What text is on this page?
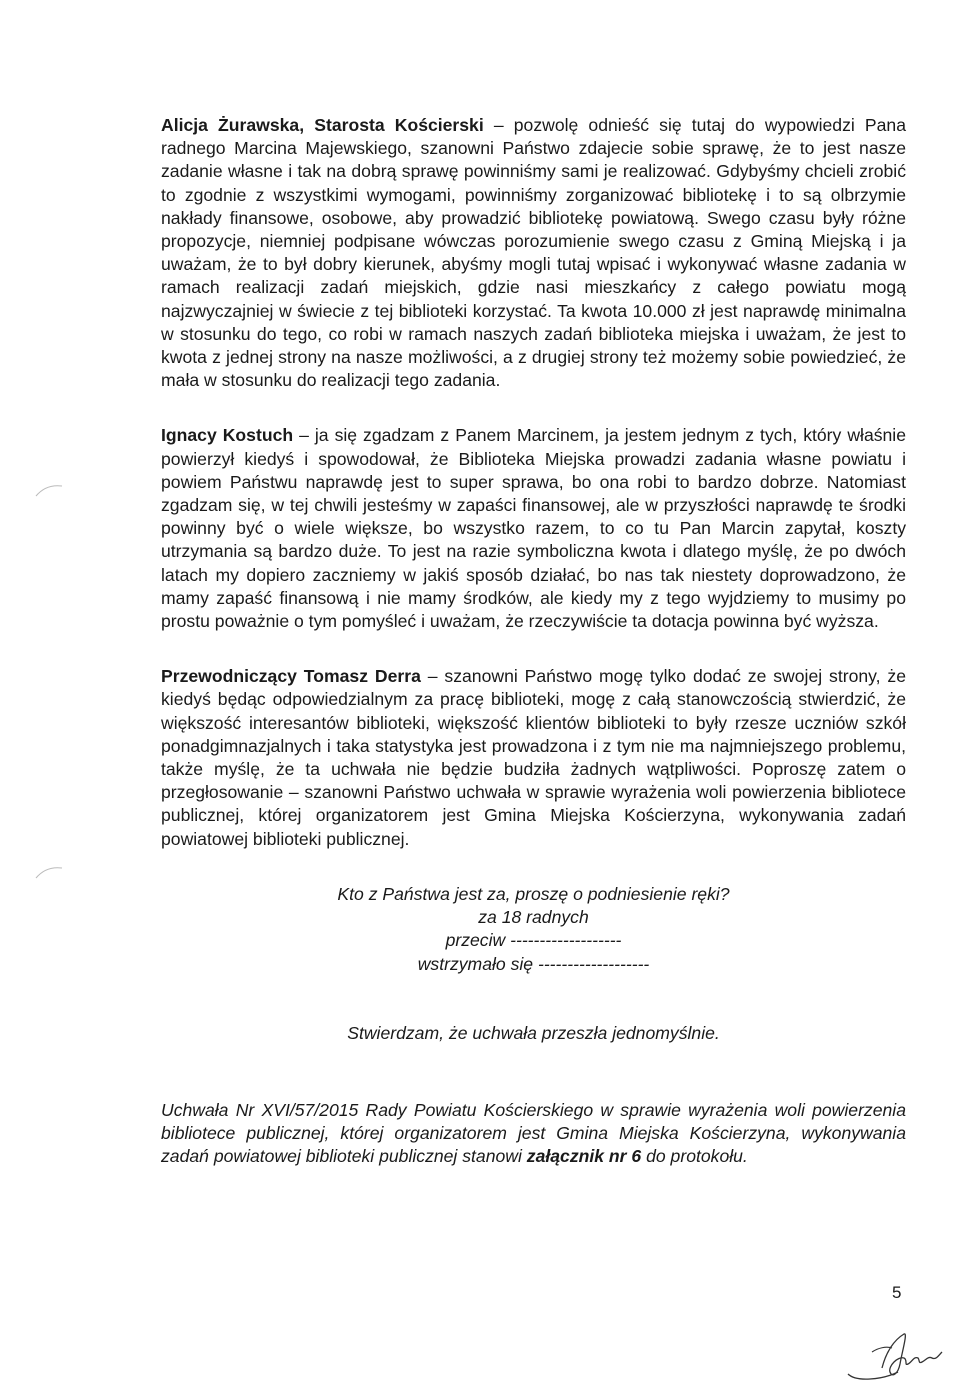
Alicja Żurawska, Starosta Kościerski – pozwolę odnieść się tutaj do wypowiedzi Pana radnego Marcina Majewskiego, szanowni Państwo zdajecie sobie sprawę, że to jest nasze zadanie własne i tak na dobrą sprawę powinniśmy sami je realizować. Gdybyśmy chcieli zrobić to zgodnie z wszystkimi wymogami, powinniśmy zorganizować bibliotekę i to są olbrzymie nakłady finansowe, osobowe, aby prowadzić bibliotekę powiatową. Swego czasu były różne propozycje, niemniej podpisane wówczas porozumienie swego czasu z Gminą Miejską i ja uważam, że to był dobry kierunek, abyśmy mogli tutaj wpisać i wykonywać własne zadania w ramach realizacji zadań miejskich, gdzie nasi mieszkańcy z całego powiatu mogą najzwyczajniej w świecie z tej biblioteki korzystać. Ta kwota 10.000 zł jest naprawdę minimalna w stosunku do tego, co robi w ramach naszych zadań biblioteka miejska i uważam, że jest to kwota z jednej strony na nasze możliwości, a z drugiej strony też możemy sobie powiedzieć, że mała w stosunku do realizacji tego zadania.

Ignacy Kostuch – ja się zgadzam z Panem Marcinem, ja jestem jednym z tych, który właśnie powierzył kiedyś i spowodował, że Biblioteka Miejska prowadzi zadania własne powiatu i powiem Państwu naprawdę jest to super sprawa, bo ona robi to bardzo dobrze. Natomiast zgadzam się, w tej chwili jesteśmy w zapaści finansowej, ale w przyszłości naprawdę te środki powinny być o wiele większe, bo wszystko razem, to co tu Pan Marcin zapytał, koszty utrzymania są bardzo duże. To jest na razie symboliczna kwota i dlatego myślę, że po dwóch latach my dopiero zaczniemy w jakiś sposób działać, bo nas tak niestety doprowadzono, że mamy zapaść finansową i nie mamy środków, ale kiedy my z tego wyjdziemy to musimy po prostu poważnie o tym pomyśleć i uważam, że rzeczywiście ta dotacja powinna być wyższa.

Przewodniczący Tomasz Derra – szanowni Państwo mogę tylko dodać ze swojej strony, że kiedyś będąc odpowiedzialnym za pracę biblioteki, mogę z całą stanowczością stwierdzić, że większość interesantów biblioteki, większość klientów biblioteki to były rzesze uczniów szkół ponadgimnazjalnych i taka statystyka jest prowadzona i z tym nie ma najmniejszego problemu, także myślę, że ta uchwała nie będzie budziła żadnych wątpliwości. Poproszę zatem o przegłosowanie – szanowni Państwo uchwała w sprawie wyrażenia woli powierzenia bibliotece publicznej, której organizatorem jest Gmina Miejska Kościerzyna, wykonywania zadań powiatowej biblioteki publicznej.

Kto z Państwa jest za, proszę o podniesienie ręki?
za 18 radnych
przeciw -------------------
wstrzymało się -------------------
Stwierdzam, że uchwała przeszła jednomyślnie.
Uchwała Nr XVI/57/2015 Rady Powiatu Kościerskiego w sprawie wyrażenia woli powierzenia bibliotece publicznej, której organizatorem jest Gmina Miejska Kościerzyna, wykonywania zadań powiatowej biblioteki publicznej stanowi załącznik nr 6 do protokołu.
5
